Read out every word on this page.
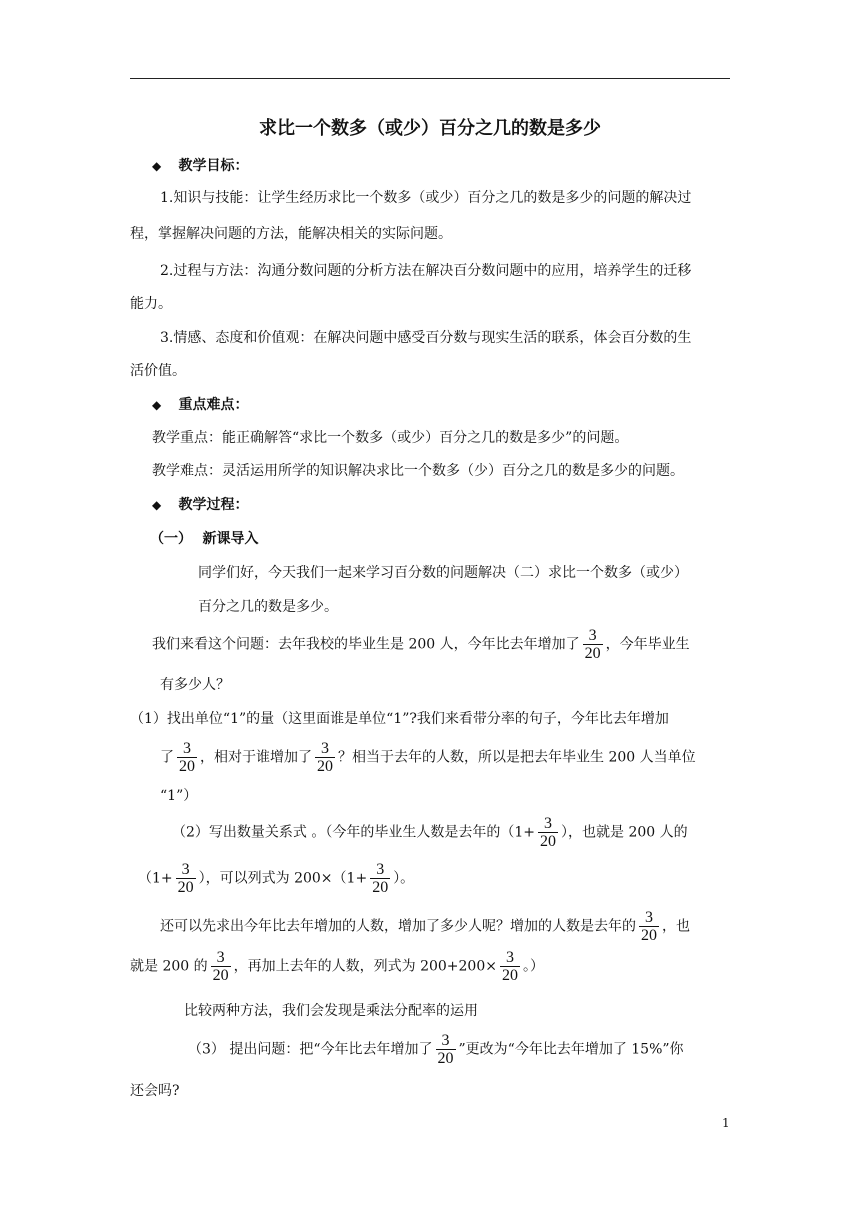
求比一个数多（或少）百分之几的数是多少
◆ 教学目标：
1.知识与技能：让学生经历求比一个数多（或少）百分之几的数是多少的问题的解决过
程，掌握解决问题的方法，能解决相关的实际问题。
2.过程与方法：沟通分数问题的分析方法在解决百分数问题中的应用，培养学生的迁移
能力。
3.情感、态度和价值观：在解决问题中感受百分数与现实生活的联系，体会百分数的生
活价值。
◆ 重点难点：
教学重点：能正确解答“求比一个数多（或少）百分之几的数是多少”的问题。
教学难点：灵活运用所学的知识解决求比一个数多（少）百分之几的数是多少的问题。
◆ 教学过程：
（一） 新课导入
同学们好，今天我们一起来学习百分数的问题解决（二）求比一个数多（或少）
百分之几的数是多少。
我们来看这个问题：去年我校的毕业生是 200 人，今年比去年增加了 $\frac{3}{20}$ ，今年毕业生
有多少人？
（1）找出单位“1”的量（这里面谁是单位“1”?我们来看带分率的句子，今年比去年增加
了 $\frac{3}{20}$ ，相对于谁增加了 $\frac{3}{20}$ ？相当于去年的人数，所以是把去年毕业生 200 人当单位
“1”）
（2）写出数量关系式 。（今年的毕业生人数是去年的（$1+ \frac{3}{20}$ ），也就是 200 人的
（$1+ \frac{3}{20}$ ），可以列式为 $200\times(1+ \frac{3}{20}$ ）。
还可以先求出今年比去年增加的人数，增加了多少人呢？增加的人数是去年的 $\frac{3}{20}$ ，也
就是 200 的 $\frac{3}{20}$ ，再加上去年的人数，列式为 $200+200\times \frac{3}{20}$ 。）
比较两种方法，我们会发现是乘法分配率的运用
（3） 提出问题：把“今年比去年增加了 $\frac{3}{20}$ ”更改为“今年比去年增加了 15%”你
还会吗?
1
